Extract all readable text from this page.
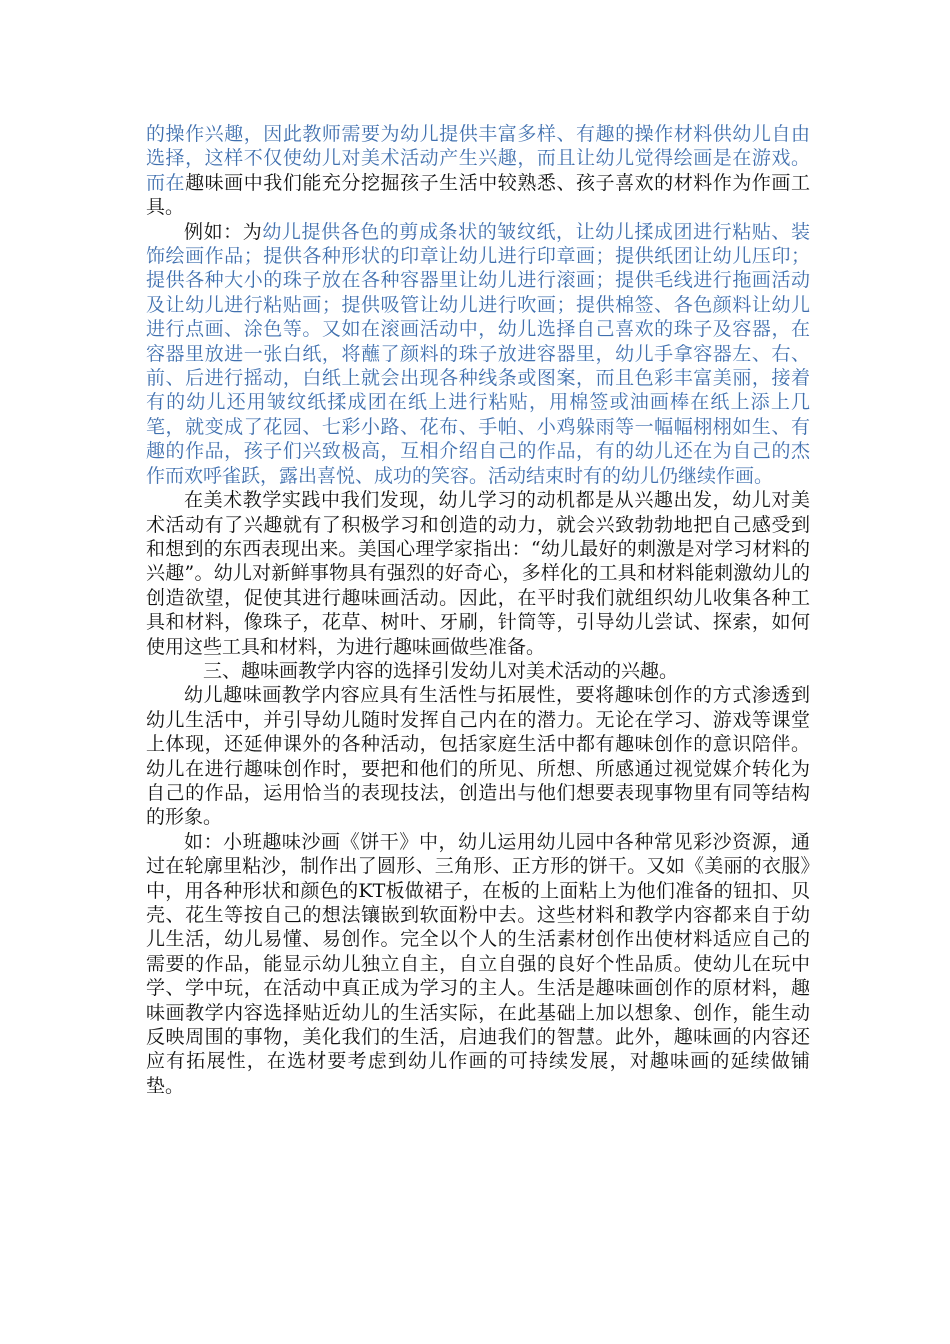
的操作兴趣，因此教师需要为幼儿提供丰富多样、有趣的操作材料供幼儿自由选择，这样不仅使幼儿对美术活动产生兴趣，而且让幼儿觉得绘画是在游戏。而在趣味画中我们能充分挖掘孩子生活中较熟悉、孩子喜欢的材料作为作画工具。

例如：为幼儿提供各色的剪成条状的皱纹纸，让幼儿揉成团进行粘贴、装饰绘画作品；提供各种形状的印章让幼儿进行印章画；提供纸团让幼儿压印；提供各种大小的珠子放在各种容器里让幼儿进行滚画；提供毛线进行拖画活动及让幼儿进行粘贴画；提供吸管让幼儿进行吹画；提供棉签、各色颜料让幼儿进行点画、涂色等。又如在滚画活动中，幼儿选择自己喜欢的珠子及容器，在容器里放进一张白纸，将蘸了颜料的珠子放进容器里，幼儿手拿容器左、右、前、后进行摇动，白纸上就会出现各种线条或图案，而且色彩丰富美丽，接着有的幼儿还用皱纹纸揉成团在纸上进行粘贴，用棉签或油画棒在纸上添上几笔，就变成了花园、七彩小路、花布、手帕、小鸡躲雨等一幅幅栩栩如生、有趣的作品，孩子们兴致极高，互相介绍自己的作品，有的幼儿还在为自己的杰作而欢呼雀跃，露出喜悦、成功的笑容。活动结束时有的幼儿仍继续作画。

在美术教学实践中我们发现，幼儿学习的动机都是从兴趣出发，幼儿对美术活动有了兴趣就有了积极学习和创造的动力，就会兴致勃勃地把自己感受到和想到的东西表现出来。美国心理学家指出：“幼儿最好的刺激是对学习材料的兴趣”。幼儿对新鲜事物具有强烈的好奇心，多样化的工具和材料能刺激幼儿的创造欲望，促使其进行趣味画活动。因此，在平时我们就组织幼儿收集各种工具和材料，像珠子，花草、树叶、牙刷，针筒等，引导幼儿尝试、探索，如何使用这些工具和材料，为进行趣味画做些准备。

三、趣味画教学内容的选择引发幼儿对美术活动的兴趣。

幼儿趣味画教学内容应具有生活性与拓展性，要将趣味创作的方式渗透到幼儿生活中，并引导幼儿随时发挥自己内在的潜力。无论在学习、游戏等课堂上体现，还延伸课外的各种活动，包括家庭生活中都有趣味创作的意识陪伴。幼儿在进行趣味创作时，要把和他们的所见、所想、所感通过视觉媒介转化为自己的作品，运用恰当的表现技法，创造出与他们想要表现事物里有同等结构的形象。

如：小班趣味沙画《饼干》中，幼儿运用幼儿园中各种常见彩沙资源，通过在轮廓里粘沙，制作出了圆形、三角形、正方形的饼干。又如《美丽的衣服》中，用各种形状和颜色的KT板做裙子，在板的上面粘上为他们准备的钮扣、贝壳、花生等按自己的想法镶嵌到软面粉中去。这些材料和教学内容都来自于幼儿生活，幼儿易懂、易创作。完全以个人的生活素材创作出使材料适应自己的需要的作品，能显示幼儿独立自主，自立自强的良好个性品质。使幼儿在玩中学、学中玩，在活动中真正成为学习的主人。生活是趣味画创作的原材料，趣味画教学内容选择贴近幼儿的生活实际，在此基础上加以想象、创作，能生动反映周围的事物，美化我们的生活，启迪我们的智慧。此外，趣味画的内容还应有拓展性，在选材要考虑到幼儿作画的可持续发展，对趣味画的延续做铺垫。
